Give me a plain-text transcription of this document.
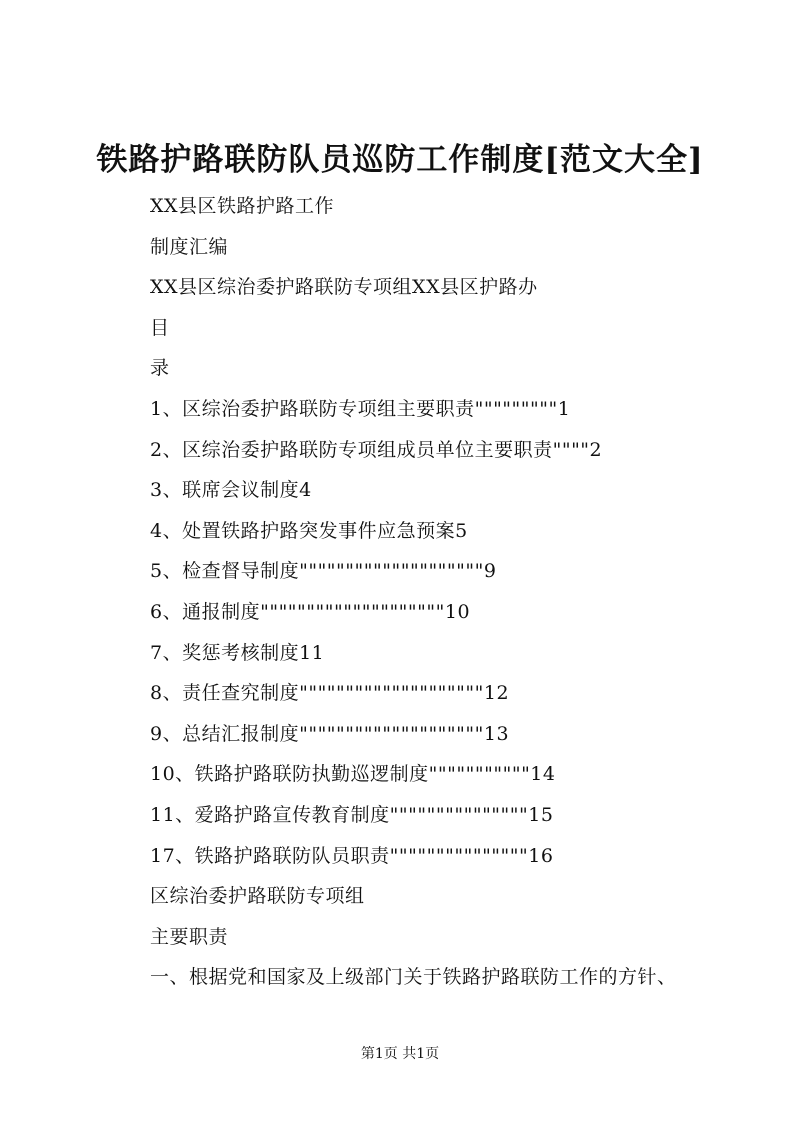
铁路护路联防队员巡防工作制度[范文大全]
XX县区铁路护路工作
制度汇编
XX县区综治委护路联防专项组XX县区护路办
目
录
1、区综治委护路联防专项组主要职责"""""""""1
2、区综治委护路联防专项组成员单位主要职责""""2
3、联席会议制度4
4、处置铁路护路突发事件应急预案5
5、检查督导制度""""""""""""""""""""9
6、通报制度""""""""""""""""""""10
7、奖惩考核制度11
8、责任查究制度""""""""""""""""""""12
9、总结汇报制度""""""""""""""""""""13
10、铁路护路联防执勤巡逻制度"""""""""""14
11、爱路护路宣传教育制度"""""""""""""""15
17、铁路护路联防队员职责"""""""""""""""16
区综治委护路联防专项组
主要职责
一、根据党和国家及上级部门关于铁路护路联防工作的方针、
第1页 共1页
